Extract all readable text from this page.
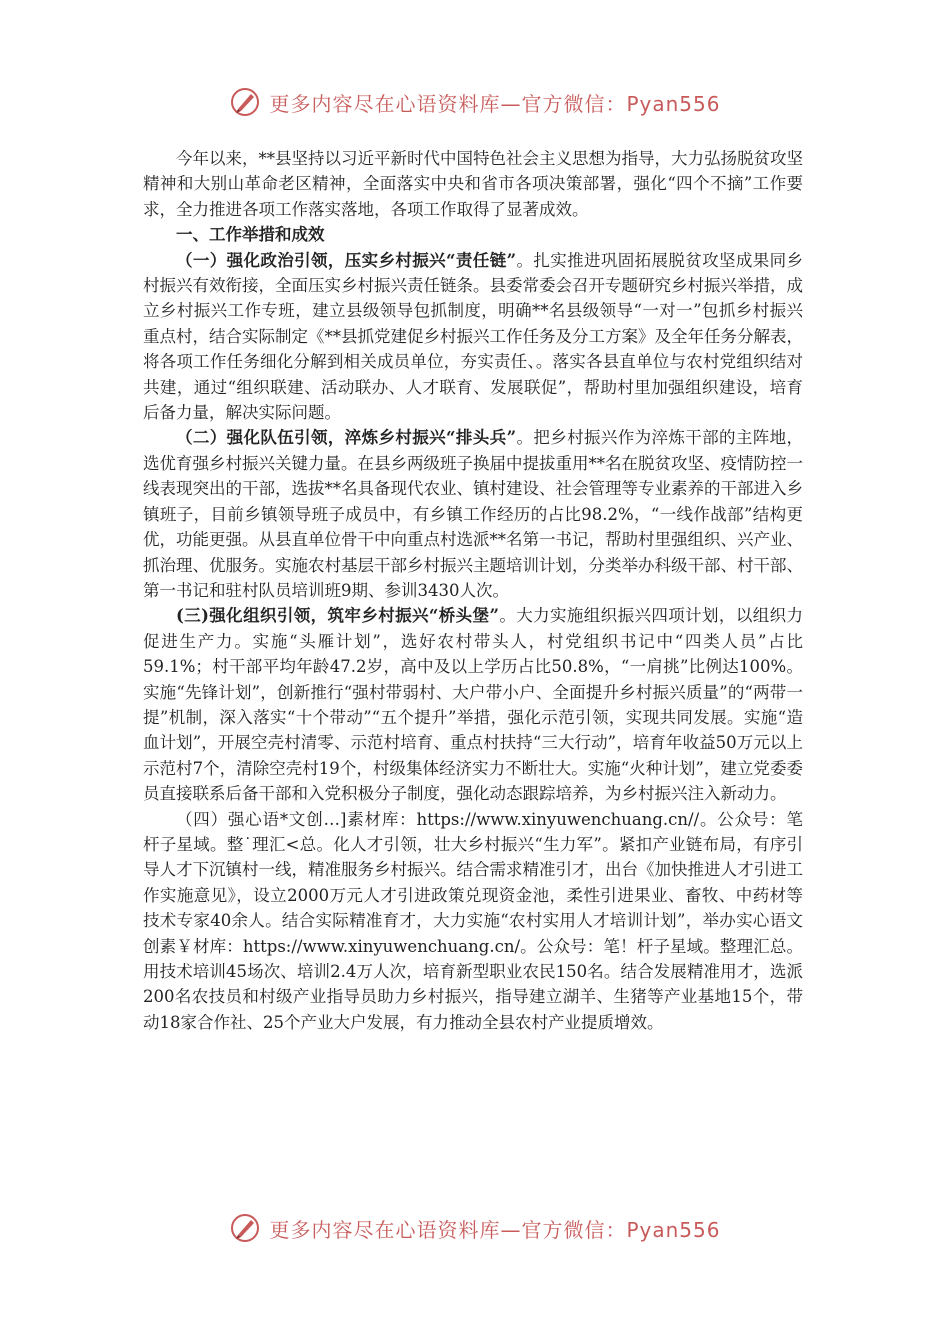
更多内容尽在心语资料库—官方微信：Pyan556

今年以来，**县坚持以习近平新时代中国特色社会主义思想为指导，大力弘扬脱贫攻坚精神和大别山革命老区精神，全面落实中央和省市各项决策部署，强化“四个不摘”工作要求，全力推进各项工作落实落地，各项工作取得了显著成效。

一、工作举措和成效

（一）强化政治引领，压实乡村振兴“责任链”。扎实推进巩固拓展脱贫攻坚成果同乡村振兴有效衔接，全面压实乡村振兴责任链条。县委常委会召开专题研究乡村振兴举措，成立乡村振兴工作专班，建立县级领导包抓制度，明确**名县级领导“一对一”包抓乡村振兴重点村，结合实际制定《**县抓党建促乡村振兴工作任务及分工方案》及全年任务分解表，将各项工作任务细化分解到相关成员单位，夯实责任、。落实各县直单位与农村党组织结对共建，通过“组织联建、活动联办、人才联育、发展联促”，帮助村里加强组织建设，培育后备力量，解决实际问题。

（二）强化队伍引领，淬炼乡村振兴“排头兵”。把乡村振兴作为淬炼干部的主阵地，选优育强乡村振兴关键力量。在县乡两级班子换届中提拔重用**名在脱贫攻坚、疫情防控一线表现突出的干部，选拔**名具备现代农业、镇村建设、社会管理等专业素养的干部进入乡镇班子，目前乡镇领导班子成员中，有乡镇工作经历的占比98.2%，“一线作战部”结构更优，功能更强。从县直单位骨干中向重点村选派**名第一书记，帮助村里强组织、兴产业、抓治理、优服务。实施农村基层干部乡村振兴主题培训计划，分类举办科级干部、村干部、第一书记和驻村队员培训班9期、参训3430人次。

(三)强化组织引领，筑牢乡村振兴“桥头堡”。大力实施组织振兴四项计划，以组织力促进生产力。实施“头雁计划”，选好农村带头人，村党组织书记中“四类人员”占比59.1%；村干部平均年龄47.2岁，高中及以上学历占比50.8%，“一肩挑”比例达100%。实施“先锋计划”，创新推行“强村带弱村、大户带小户、全面提升乡村振兴质量”的“两带一提”机制，深入落实“十个带动”“五个提升”举措，强化示范引领，实现共同发展。实施“造血计划”，开展空壳村清零、示范村培育、重点村扶持“三大行动”，培育年收益50万元以上示范村7个，清除空壳村19个，村级集体经济实力不断壮大。实施“火种计划”，建立党委委员直接联系后备干部和入党积极分子制度，强化动态跟踪培养，为乡村振兴注入新动力。

（四）强心语*文创…]素材库：https://www.xinyuwenchuang.cn//。公众号：笔杆子星域。整˙理汇<总。化人才引领，壮大乡村振兴“生力军”。紧扣产业链布局，有序引导人才下沉镇村一线，精准服务乡村振兴。结合需求精准引才，出台《加快推进人才引进工作实施意见》，设立2000万元人才引进政策兑现资金池，柔性引进果业、畜牧、中药材等技术专家40余人。结合实际精准育才，大力实施“农村实用人才培训计划”，举办实心语文创素￥材库：https://www.xinyuwenchuang.cn/。公众号：笔！杆子星域。整理汇总。用技术培训45场次、培训2.4万人次，培育新型职业农民150名。结合发展精准用才，选派200名农技员和村级产业指导员助力乡村振兴，指导建立湖羊、生猪等产业基地15个，带动18家合作社、25个产业大户发展，有力推动全县农村产业提质增效。

更多内容尽在心语资料库—官方微信：Pyan556
